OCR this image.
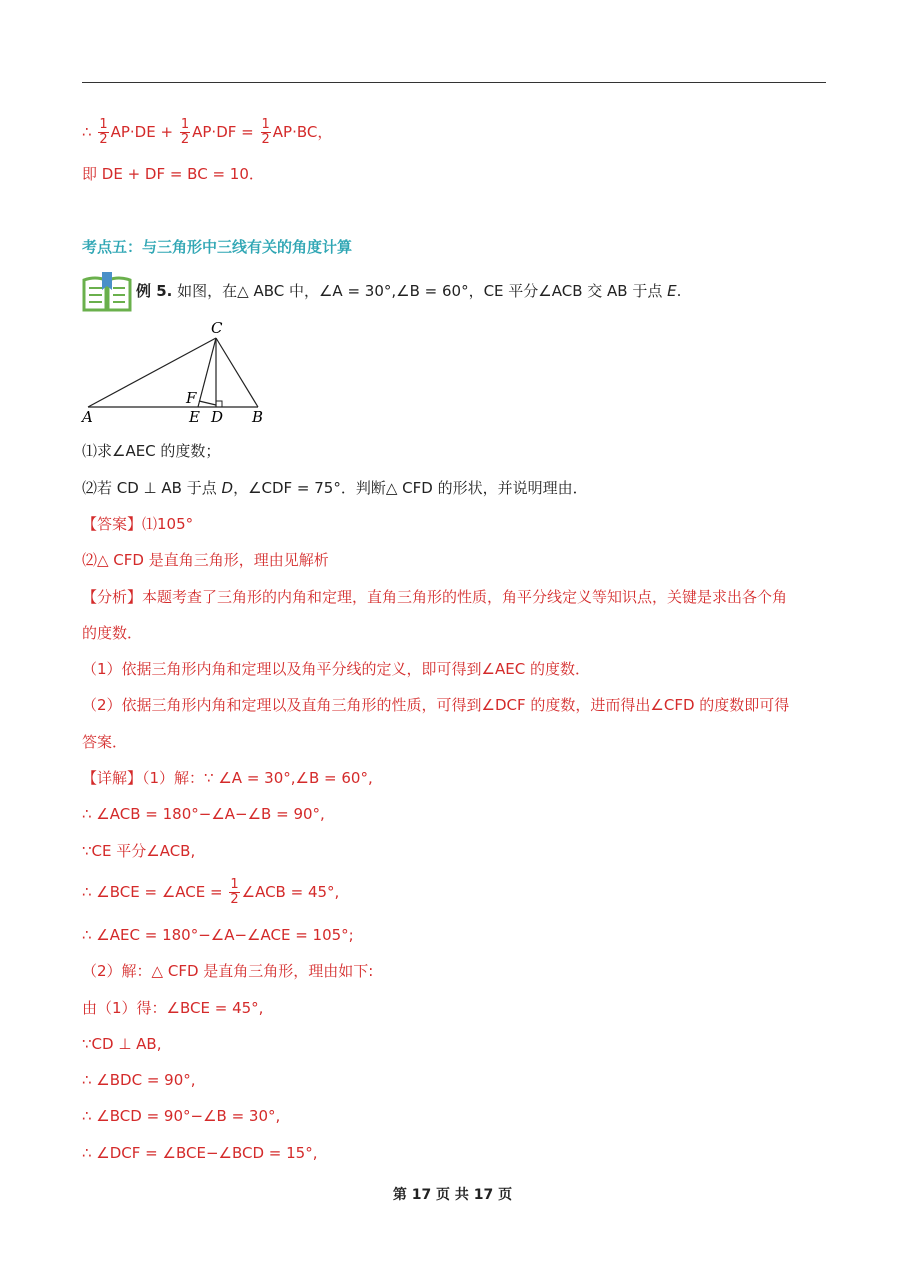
∴ $\frac{1}{2} AP\cdot DE + \frac{1}{2} AP\cdot DF = \frac{1}{2} AP\cdot BC$，
即 DE + DF = BC = 10．
考点五：与三角形中三线有关的角度计算
例 5. 如图，在△ ABC 中，∠A = 30°,∠B = 60°，CE 平分∠ACB 交 AB 于点 E.
C
A
F
E D B
⑴求∠AEC 的度数；
⑵若 CD ⊥ AB 于点 D，∠CDF = 75°．判断△ CFD 的形状，并说明理由．
【答案】⑴105°
⑵△ CFD 是直角三角形，理由见解析
【分析】本题考查了三角形的内角和定理，直角三角形的性质，角平分线定义等知识点，关键是求出各个角
的度数．
（1）依据三角形内角和定理以及角平分线的定义，即可得到∠AEC 的度数．
（2）依据三角形内角和定理以及直角三角形的性质，可得到∠DCF 的度数，进而得出∠CFD 的度数即可得
答案．
【详解】（1）解：∵ ∠A = 30°,∠B = 60°,
∴ ∠ACB = 180°−∠A−∠B = 90°,
∵CE 平分∠ACB,
∴ ∠BCE = ∠ACE = $\frac{1}{2}$ ∠ACB = 45°,
∴ ∠AEC = 180°−∠A−∠ACE = 105°;
（2）解：△ CFD 是直角三角形，理由如下:
由（1）得：∠BCE = 45°,
∵CD ⊥ AB,
∴ ∠BDC = 90°,
∴ ∠BCD = 90°−∠B = 30°,
∴ ∠DCF = ∠BCE−∠BCD = 15°,
第 17 页 共 17 页
